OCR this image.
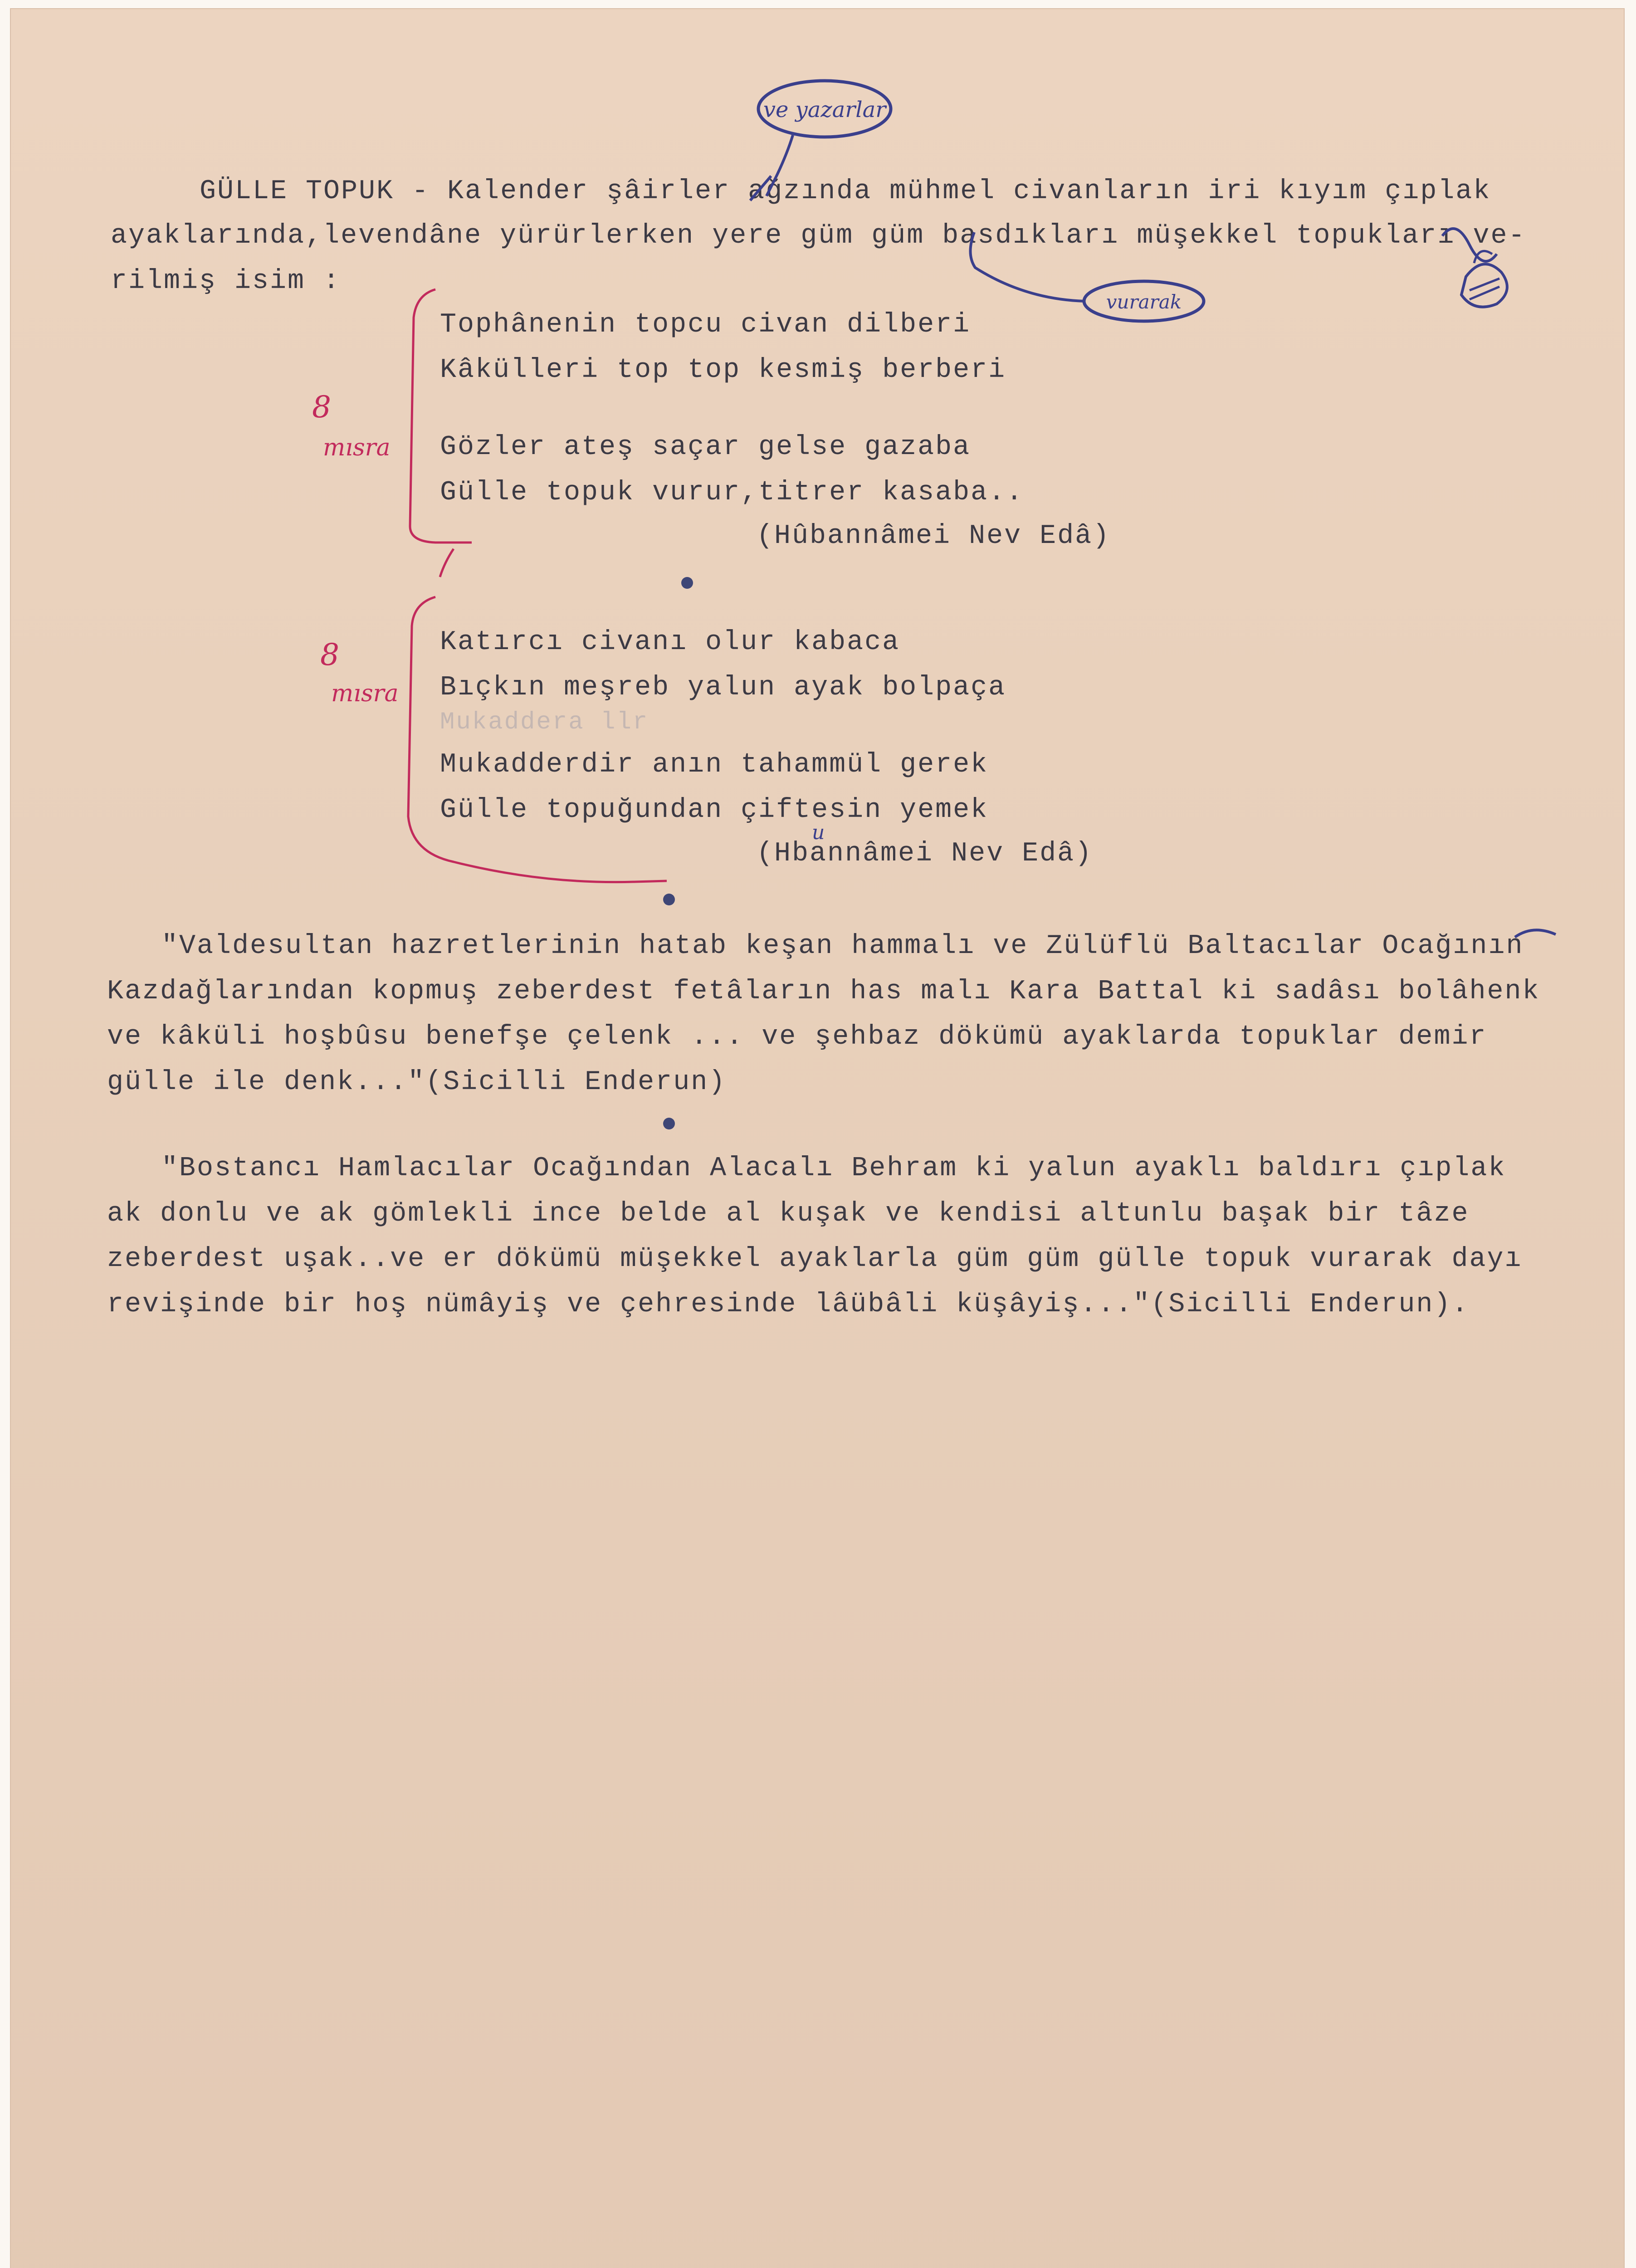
GÜLLE TOPUK - Kalender şâirler ağzında mühmel civanların iri kıyım çıplak
ayaklarında,levendâne yürürlerken yere güm güm basdıkları müşekkel topukları ve-
rilmiş isim :
Tophânenin topcu civan dilberi
Kâkülleri top top kesmiş berberi
Gözler ateş saçar gelse gazaba
Gülle topuk vurur,titrer kasaba..
(Hûbannâmei Nev Edâ)
Katırcı civanı olur kabaca
Bıçkın meşreb yalun ayak bolpaça
Mukaddera llr
Mukadderdir anın tahammül gerek
Gülle topuğundan çiftesin yemek
(Hbannâmei Nev Edâ)
"Valdesultan hazretlerinin hatab keşan hammalı ve Zülüflü Baltacılar Ocağının
Kazdağlarından kopmuş zeberdest fetâların has malı Kara Battal ki sadâsı bolâhenk
ve kâküli hoşbûsu benefşe çelenk ... ve şehbaz dökümü ayaklarda topuklar demir
gülle ile denk..."(Sicilli Enderun)
"Bostancı Hamlacılar Ocağından Alacalı Behram ki yalun ayaklı baldırı çıplak
ak donlu ve ak gömlekli ince belde al kuşak ve kendisi altunlu başak bir tâze
zeberdest uşak..ve er dökümü müşekkel ayaklarla güm güm gülle topuk vurarak dayı
revişinde bir hoş nümâyiş ve çehresinde lâübâli küşâyiş..."(Sicilli Enderun).
ve yazarlar
vurarak
8
mısra
8
mısra
u
